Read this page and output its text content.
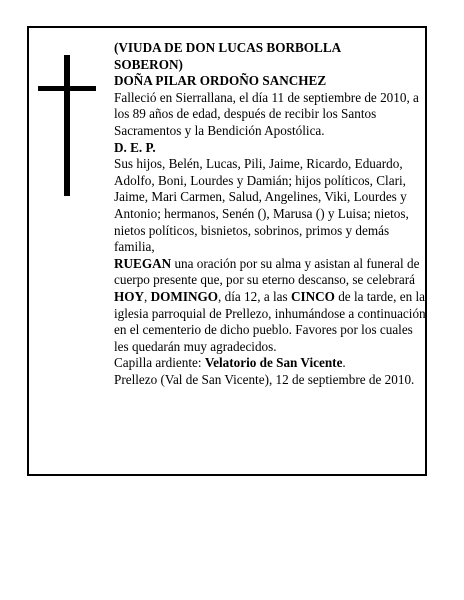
(VIUDA DE DON LUCAS BORBOLLA

SOBERON)

DOÑA PILAR ORDOÑO SANCHEZ

Falleció en Sierrallana, el día 11 de septiembre de 2010, a los 89 años de edad, después de recibir los Santos Sacramentos y la Bendición Apostólica.

D. E. P.

Sus hijos, Belén, Lucas, Pili, Jaime, Ricardo, Eduardo, Adolfo, Boni, Lourdes y Damián; hijos políticos, Clari, Jaime, Mari Carmen, Salud, Angelines, Viki, Lourdes y Antonio; hermanos, Senén (), Marusa () y Luisa; nietos, nietos políticos, bisnietos, sobrinos, primos y demás familia,

RUEGAN una oración por su alma y asistan al funeral de cuerpo presente que, por su eterno descanso, se celebrará HOY, DOMINGO, día 12, a las CINCO de la tarde, en la iglesia parroquial de Prellezo, inhumándose a continuación en el cementerio de dicho pueblo. Favores por los cuales les quedarán muy agradecidos.

Capilla ardiente: Velatorio de San Vicente.

Prellezo (Val de San Vicente), 12 de septiembre de 2010.
